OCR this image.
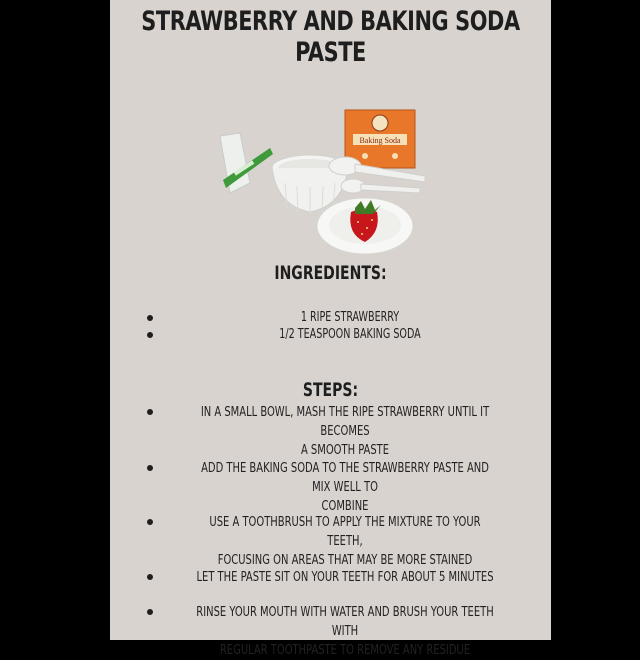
STRAWBERRY AND BAKING SODA
PASTE
Baking Soda
INGREDIENTS:
1 RIPE STRAWBERRY
1/2 TEASPOON BAKING SODA
STEPS:
IN A SMALL BOWL, MASH THE RIPE STRAWBERRY UNTIL IT BECOMES
A SMOOTH PASTE
ADD THE BAKING SODA TO THE STRAWBERRY PASTE AND MIX WELL TO
COMBINE
USE A TOOTHBRUSH TO APPLY THE MIXTURE TO YOUR TEETH,
FOCUSING ON AREAS THAT MAY BE MORE STAINED
LET THE PASTE SIT ON YOUR TEETH FOR ABOUT 5 MINUTES
RINSE YOUR MOUTH WITH WATER AND BRUSH YOUR TEETH WITH
REGULAR TOOTHPASTE TO REMOVE ANY RESIDUE
